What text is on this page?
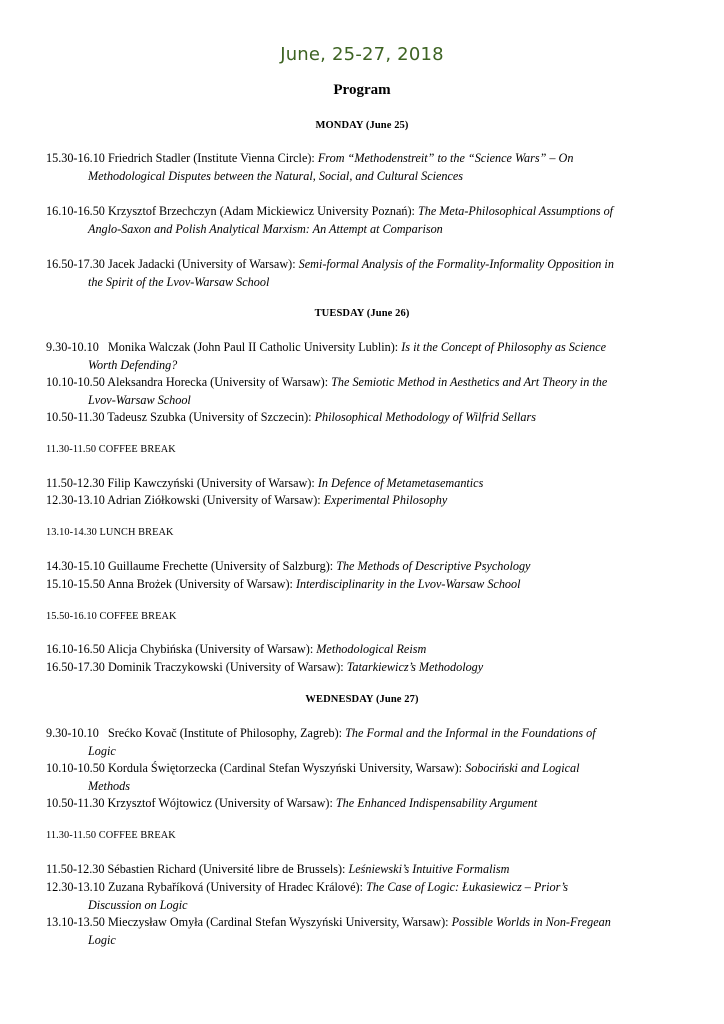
June, 25-27, 2018
Program
MONDAY (June 25)
15.30-16.10 Friedrich Stadler (Institute Vienna Circle): From “Methodenstreit” to the “Science Wars” – On
Methodological Disputes between the Natural, Social, and Cultural Sciences
16.10-16.50 Krzysztof Brzechczyn (Adam Mickiewicz University Poznań): The Meta-Philosophical Assumptions of
Anglo-Saxon and Polish Analytical Marxism: An Attempt at Comparison
16.50-17.30 Jacek Jadacki (University of Warsaw): Semi-formal Analysis of the Formality-Informality Opposition in
the Spirit of the Lvov-Warsaw School
TUESDAY (June 26)
9.30-10.10 Monika Walczak (John Paul II Catholic University Lublin): Is it the Concept of Philosophy as Science
Worth Defending?
10.10-10.50 Aleksandra Horecka (University of Warsaw): The Semiotic Method in Aesthetics and Art Theory in the
Lvov-Warsaw School
10.50-11.30 Tadeusz Szubka (University of Szczecin): Philosophical Methodology of Wilfrid Sellars
11.30-11.50 COFFEE BREAK
11.50-12.30 Filip Kawczyński (University of Warsaw): In Defence of Metametasemantics
12.30-13.10 Adrian Ziółkowski (University of Warsaw): Experimental Philosophy
13.10-14.30 LUNCH BREAK
14.30-15.10 Guillaume Frechette (University of Salzburg): The Methods of Descriptive Psychology
15.10-15.50 Anna Brożek (University of Warsaw): Interdisciplinarity in the Lvov-Warsaw School
15.50-16.10 COFFEE BREAK
16.10-16.50 Alicja Chybińska (University of Warsaw): Methodological Reism
16.50-17.30 Dominik Traczykowski (University of Warsaw): Tatarkiewicz’s Methodology
WEDNESDAY (June 27)
9.30-10.10 Srećko Kovač (Institute of Philosophy, Zagreb): The Formal and the Informal in the Foundations of
Logic
10.10-10.50 Kordula Świętorzecka (Cardinal Stefan Wyszyński University, Warsaw): Sobociński and Logical
Methods
10.50-11.30 Krzysztof Wójtowicz (University of Warsaw): The Enhanced Indispensability Argument
11.30-11.50 COFFEE BREAK
11.50-12.30 Sébastien Richard (Université libre de Brussels): Leśniewski’s Intuitive Formalism
12.30-13.10 Zuzana Rybaříková (University of Hradec Králové): The Case of Logic: Łukasiewicz – Prior’s
Discussion on Logic
13.10-13.50 Mieczysław Omyła (Cardinal Stefan Wyszyński University, Warsaw): Possible Worlds in Non-Fregean
Logic
